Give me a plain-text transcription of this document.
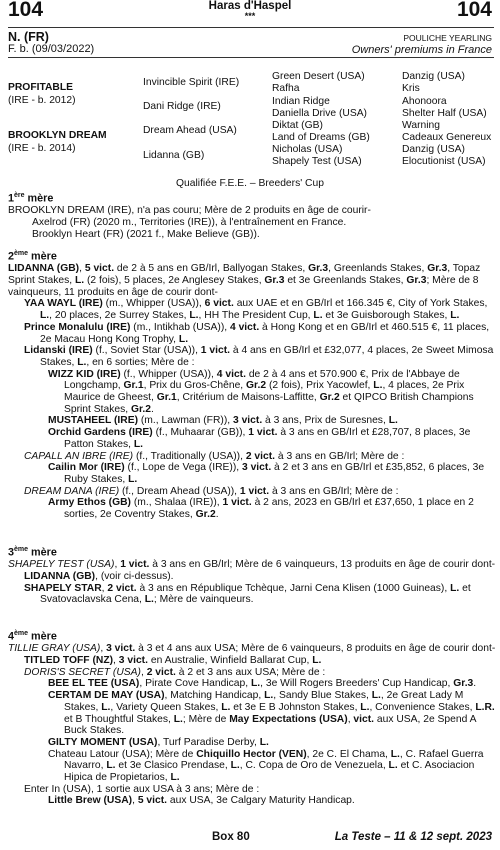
104	104
Haras d'Haspel
***
N. (FR)
F. b. (09/03/2022)
POULICHE YEARLING
Owners' premiums in France
PROFITABLE
(IRE - b. 2012)
BROOKLYN DREAM
(IRE - b. 2014)
Invincible Spirit (IRE)
Dani Ridge (IRE)
Dream Ahead (USA)
Lidanna (GB)
Green Desert (USA)
Rafha
Indian Ridge
Daniella Drive (USA)
Diktat (GB)
Land of Dreams (GB)
Nicholas (USA)
Shapely Test (USA)
Danzig (USA)
Kris
Ahonoora
Shelter Half (USA)
Warning
Cadeaux Genereux
Danzig (USA)
Elocutionist (USA)
Qualifiée F.E.E. – Breeders' Cup

1ère mère

BROOKLYN DREAM (IRE), n'a pas couru; Mère de 2 produits en âge de courir-

Axelrod (FR) (2020 m., Territories (IRE)), à l'entraînement en France.

Brooklyn Heart (FR) (2021 f., Make Believe (GB)).

2ème mère

LIDANNA (GB), 5 vict. de 2 à 5 ans en GB/Irl, Ballyogan Stakes, Gr.3, Greenlands Stakes, Gr.3, Topaz Sprint Stakes, L. (2 fois), 5 places, 2e Anglesey Stakes, Gr.3 et 3e Greenlands Stakes, Gr.3; Mère de 8 vainqueurs, 11 produits en âge de courir dont-

YAA WAYL (IRE) (m., Whipper (USA)), 6 vict. aux UAE et en GB/Irl et 166.345 €, City of York Stakes, L., 20 places, 2e Surrey Stakes, L., HH The President Cup, L. et 3e Guisborough Stakes, L.

Prince Monalulu (IRE) (m., Intikhab (USA)), 4 vict. à Hong Kong et en GB/Irl et 460.515 €, 11 places, 2e Macau Hong Kong Trophy, L.

Lidanski (IRE) (f., Soviet Star (USA)), 1 vict. à 4 ans en GB/Irl et £32,077, 4 places, 2e Sweet Mimosa Stakes, L., en 6 sorties; Mère de :

WIZZ KID (IRE) (f., Whipper (USA)), 4 vict. de 2 à 4 ans et 570.900 €, Prix de l'Abbaye de Longchamp, Gr.1, Prix du Gros-Chêne, Gr.2 (2 fois), Prix Yacowlef, L., 4 places, 2e Prix Maurice de Gheest, Gr.1, Critérium de Maisons-Laffitte, Gr.2 et QIPCO British Champions Sprint Stakes, Gr.2.

MUSTAHEEL (IRE) (m., Lawman (FR)), 3 vict. à 3 ans, Prix de Suresnes, L.

Orchid Gardens (IRE) (f., Muhaarar (GB)), 1 vict. à 3 ans en GB/Irl et £28,707, 8 places, 3e Patton Stakes, L.

CAPALL AN IBRE (IRE) (f., Traditionally (USA)), 2 vict. à 3 ans en GB/Irl; Mère de :

Cailin Mor (IRE) (f., Lope de Vega (IRE)), 3 vict. à 2 et 3 ans en GB/Irl et £35,852, 6 places, 3e Ruby Stakes, L.

DREAM DANA (IRE) (f., Dream Ahead (USA)), 1 vict. à 3 ans en GB/Irl; Mère de :

Army Ethos (GB) (m., Shalaa (IRE)), 1 vict. à 2 ans, 2023 en GB/Irl et £37,650, 1 place en 2 sorties, 2e Coventry Stakes, Gr.2.

3ème mère

SHAPELY TEST (USA), 1 vict. à 3 ans en GB/Irl; Mère de 6 vainqueurs, 13 produits en âge de courir dont-

LIDANNA (GB), (voir ci-dessus).

SHAPELY STAR, 2 vict. à 3 ans en République Tchèque, Jarni Cena Klisen (1000 Guineas), L. et Svatovaclavska Cena, L.; Mère de vainqueurs.

4ème mère

TILLIE GRAY (USA), 3 vict. à 3 et 4 ans aux USA; Mère de 6 vainqueurs, 8 produits en âge de courir dont-

TITLED TOFF (NZ), 3 vict. en Australie, Winfield Ballarat Cup, L.

DORIS'S SECRET (USA), 2 vict. à 2 et 3 ans aux USA; Mère de :

BEE EL TEE (USA), Pirate Cove Handicap, L., 3e Will Rogers Breeders' Cup Handicap, Gr.3.

CERTAM DE MAY (USA), Matching Handicap, L., Sandy Blue Stakes, L., 2e Great Lady M Stakes, L., Variety Queen Stakes, L. et 3e E B Johnston Stakes, L., Convenience Stakes, L.R. et B Thoughtful Stakes, L.; Mère de May Expectations (USA), vict. aux USA, 2e Spend A Buck Stakes.

GILTY MOMENT (USA), Turf Paradise Derby, L.

Chateau Latour (USA); Mère de Chiquillo Hector (VEN), 2e C. El Chama, L., C. Rafael Guerra Navarro, L. et 3e Clasico Prendase, L., C. Copa de Oro de Venezuela, L. et C. Asociacion Hipica de Propietarios, L.

Enter In (USA), 1 sortie aux USA à 3 ans; Mère de :

Little Brew (USA), 5 vict. aux USA, 3e Calgary Maturity Handicap.

Box 80	La Teste – 11 & 12 sept. 2023
